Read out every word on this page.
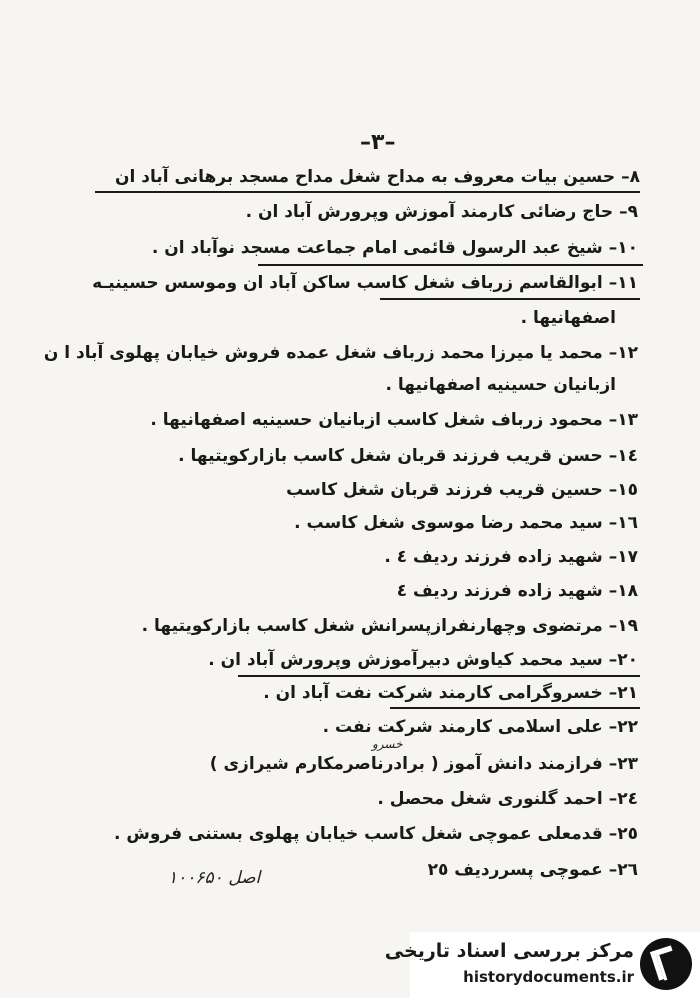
–٣–
٨–حسین بیات معروف به مداح شغل مداح مسجد برهانی آباد ان
٩–حاج رضائی کارمند آموزش وپرورش آباد ان .
١٠–شیخ عبد الرسول قائمی امام جماعت مسجد نوآباد ان .
١١–ابوالقاسم زرباف شغل کاسب ساکن آباد ان وموسس حسینیـه
اصفهانیها .
١٢–محمد یا میرزا محمد زرباف شغل عمده فروش خیابان پهلوی آباد ا ن
ازبانیان حسینیه اصفهانیها .
١٣–محمود زرباف شغل کاسب ازبانیان حسینیه اصفهانیها .
١٤–حسن قریب فرزند قربان شغل کاسب بازارکویتیها .
١٥–حسین قریب فرزند قربان شغل کاسب
١٦–سید محمد رضا موسوی شغل کاسب .
١٧–شهید زاده فرزند ردیف ٤ .
١٨–شهید زاده فرزند ردیف ٤
١٩–مرتضوی وچهارنفرازپسرانش شغل کاسب بازارکویتیها .
٢٠–سید محمد کیاوش دبیرآموزش وپرورش آباد ان .
٢١–خسروگرامی کارمند شرکت نفت آباد ان .
٢٢–علی اسلامی کارمند شرکت نفت .
٢٣–فرازمند دانش آموز ( برادرناصرمکارم شیرازی )
٢٤–احمد گلنوری شغل محصل .
٢٥–قدمعلی عموچی شغل کاسب خیابان پهلوی بستنی فروش .
٢٦–عموچی پسرردیف ٢٥
خسرو
اصل ۱۰۰۶۵۰
مرکز بررسی اسناد تاریخی
historydocuments.ir
